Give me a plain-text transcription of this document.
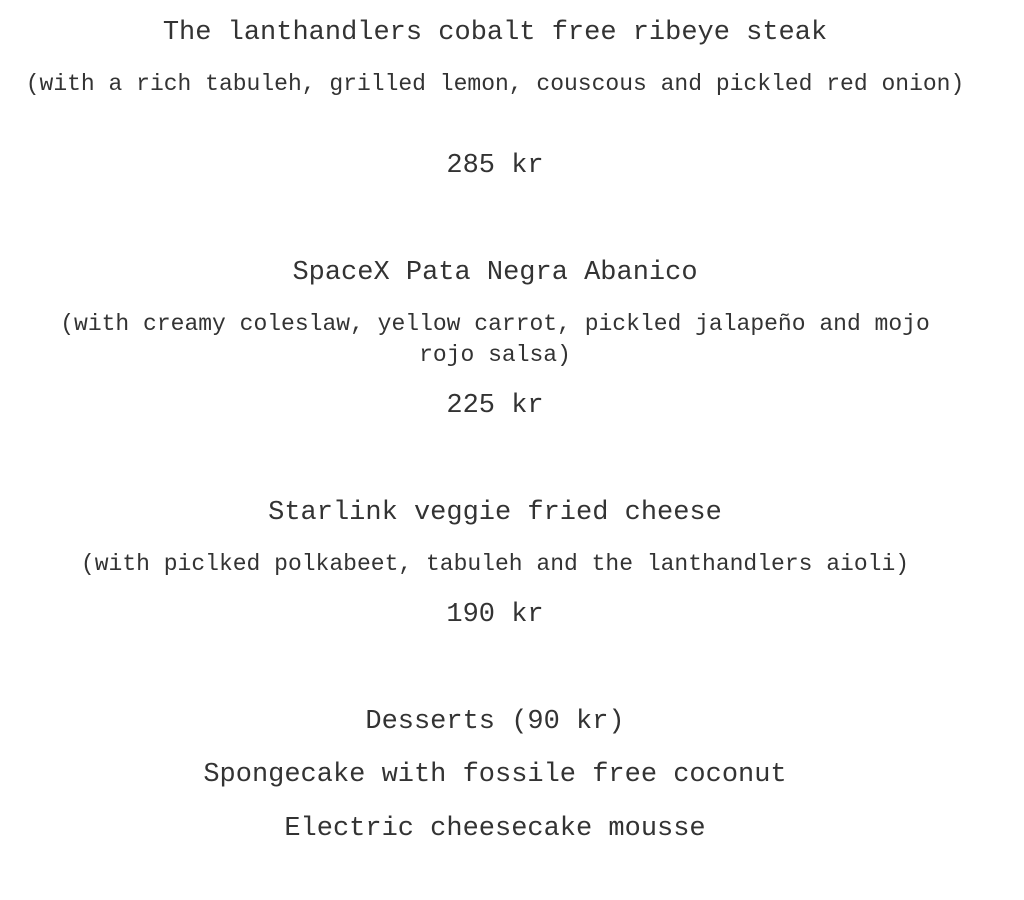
The lanthandlers cobalt free ribeye steak
(with a rich tabuleh, grilled lemon, couscous and pickled red onion)
285 kr
SpaceX Pata Negra Abanico
(with creamy coleslaw, yellow carrot, pickled jalapeño and mojo rojo salsa)
225 kr
Starlink veggie fried cheese
(with piclked polkabeet, tabuleh and the lanthandlers aioli)
190 kr
Desserts (90 kr)
Spongecake with fossile free coconut
Electric cheesecake mousse
